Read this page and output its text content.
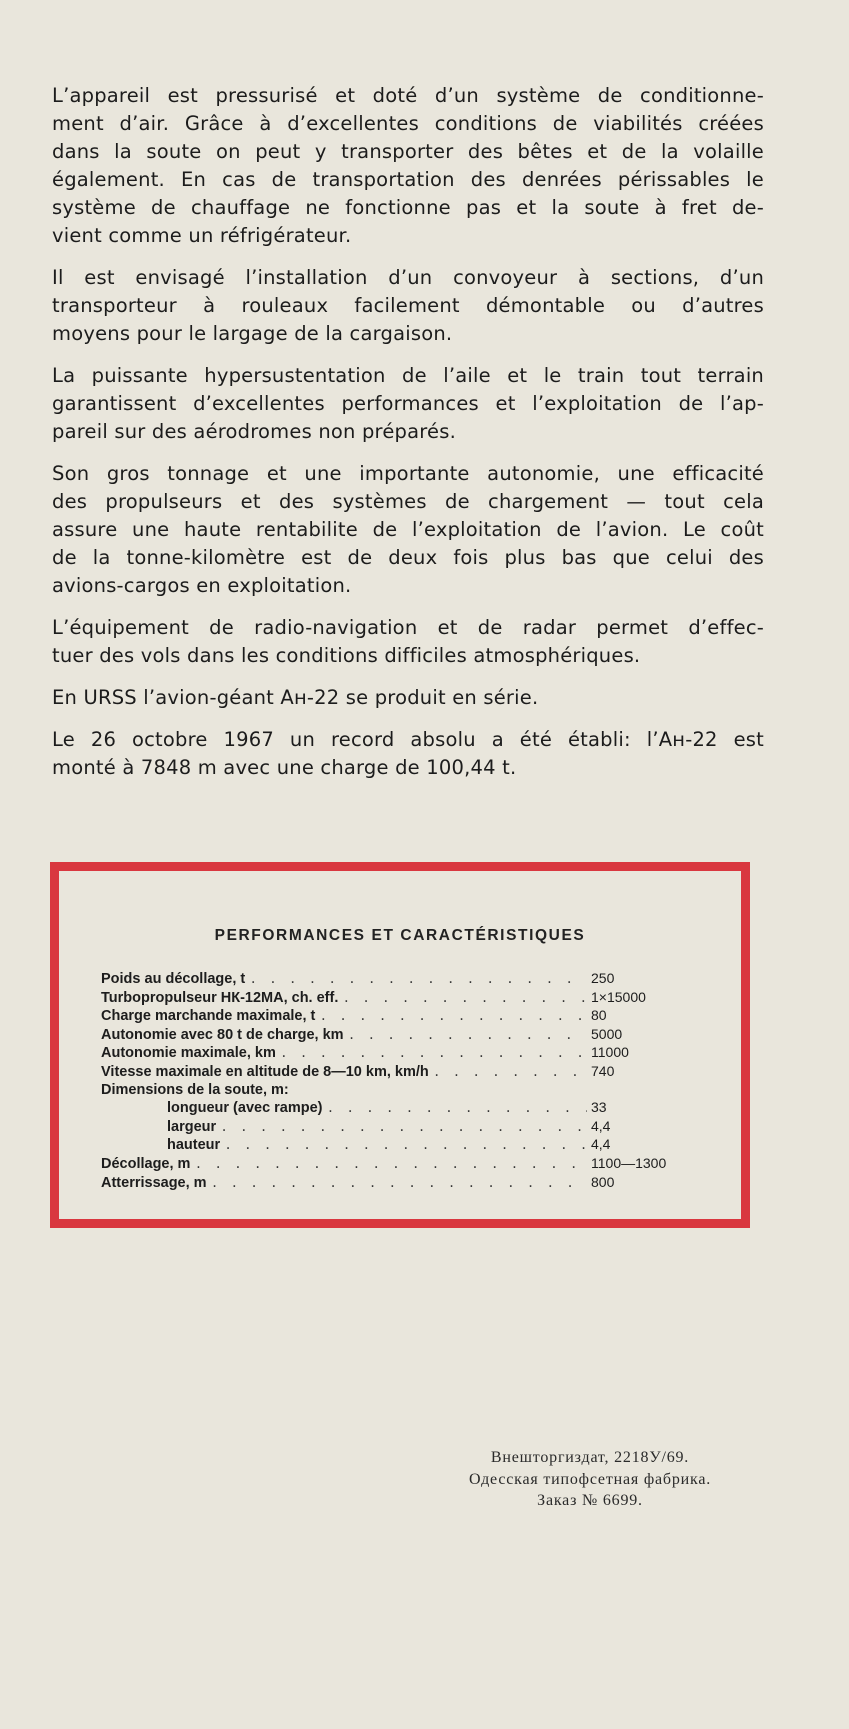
L’appareil est pressurisé et doté d’un système de conditionne-
ment d’air. Grâce à d’excellentes conditions de viabilités créées
dans la soute on peut y transporter des bêtes et de la volaille
également. En cas de transportation des denrées périssables le
système de chauffage ne fonctionne pas et la soute à fret de-
vient comme un réfrigérateur.
Il est envisagé l’installation d’un convoyeur à sections, d’un
transporteur à rouleaux facilement démontable ou d’autres
moyens pour le largage de la cargaison.
La puissante hypersustentation de l’aile et le train tout terrain
garantissent d’excellentes performances et l’exploitation de l’ap-
pareil sur des aérodromes non préparés.
Son gros tonnage et une importante autonomie, une efficacité
des propulseurs et des systèmes de chargement — tout cela
assure une haute rentabilite de l’exploitation de l’avion. Le coût
de la tonne-kilomètre est de deux fois plus bas que celui des
avions-cargos en exploitation.
L’équipement de radio-navigation et de radar permet d’effec-
tuer des vols dans les conditions difficiles atmosphériques.
En URSS l’avion-géant Ан-22 se produit en série.
Le 26 octobre 1967 un record absolu a été établi: l’Ан-22 est
monté à 7848 m avec une charge de 100,44 t.
PERFORMANCES ET CARACTÉRISTIQUES
Poids au décollage, t . . .	250
Turbopropulseur НК-12МА, ch. eff. . . .	1×15000
Charge marchande maximale, t . . .	80
Autonomie avec 80 t de charge, km . . .	5000
Autonomie maximale, km . . .	11000
Vitesse maximale en altitude de 8—10 km, km/h . . .	740
Dimensions de la soute, m:
longueur (avec rampe) . . .	33
largeur . . .	4,4
hauteur . . .	4,4
Décollage, m . . .	1100—1300
Atterrissage, m . . .	800
Внешторгиздат, 2218У/69.
Одесская типофсетная фабрика.
Заказ № 6699.
